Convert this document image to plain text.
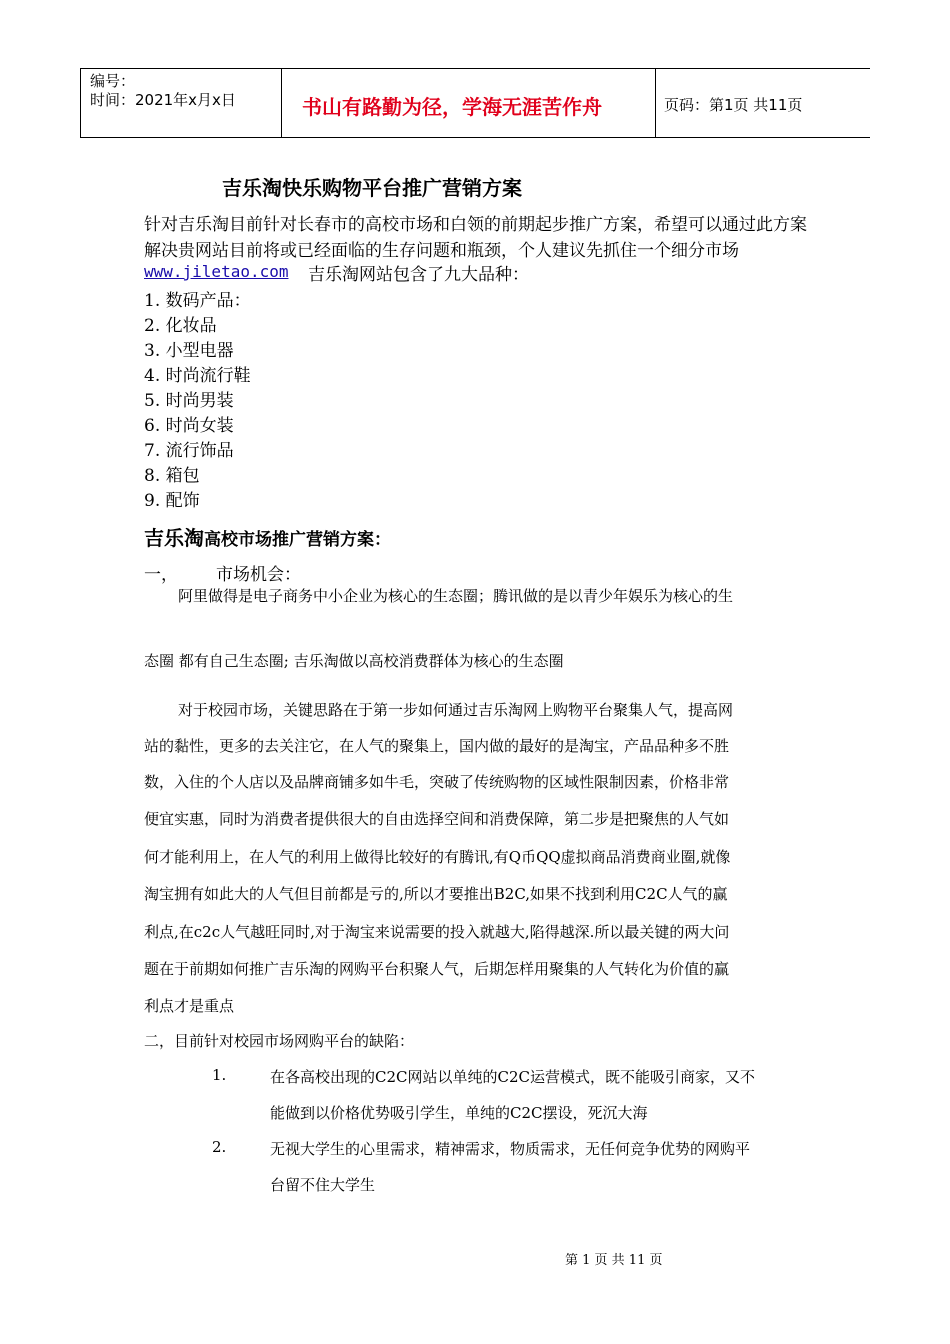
编号：
时间：2021年x月x日	书山有路勤为径，学海无涯苦作舟	页码：第1页 共11页
吉乐淘快乐购物平台推广营销方案
针对吉乐淘目前针对长春市的高校市场和白领的前期起步推广方案，希望可以通过此方案
解决贵网站目前将或已经面临的生存问题和瓶颈，个人建议先抓住一个细分市场
www.jiletao.com 吉乐淘网站包含了九大品种：
1. 数码产品：
2. 化妆品
3. 小型电器
4. 时尚流行鞋
5. 时尚男装
6. 时尚女装
7. 流行饰品
8. 箱包
9. 配饰
吉乐淘高校市场推广营销方案：
一， 市场机会：
阿里做得是电子商务中小企业为核心的生态圈；腾讯做的是以青少年娱乐为核心的生
态圈 都有自己生态圈; 吉乐淘做以高校消费群体为核心的生态圈
对于校园市场，关键思路在于第一步如何通过吉乐淘网上购物平台聚集人气，提高网
站的黏性，更多的去关注它，在人气的聚集上，国内做的最好的是淘宝，产品品种多不胜
数，入住的个人店以及品牌商铺多如牛毛，突破了传统购物的区域性限制因素，价格非常
便宜实惠，同时为消费者提供很大的自由选择空间和消费保障，第二步是把聚焦的人气如
何才能利用上，在人气的利用上做得比较好的有腾讯,有Q币QQ虚拟商品消费商业圈,就像
淘宝拥有如此大的人气但目前都是亏的,所以才要推出B2C,如果不找到利用C2C人气的赢
利点,在c2c人气越旺同时,对于淘宝来说需要的投入就越大,陷得越深.所以最关键的两大问
题在于前期如何推广吉乐淘的网购平台积聚人气，后期怎样用聚集的人气转化为价值的赢
利点才是重点
二，目前针对校园市场网购平台的缺陷：
1.	在各高校出现的C2C网站以单纯的C2C运营模式，既不能吸引商家，又不
能做到以价格优势吸引学生，单纯的C2C摆设，死沉大海
2.	无视大学生的心里需求，精神需求，物质需求，无任何竞争优势的网购平
台留不住大学生
第 1 页 共 11 页
